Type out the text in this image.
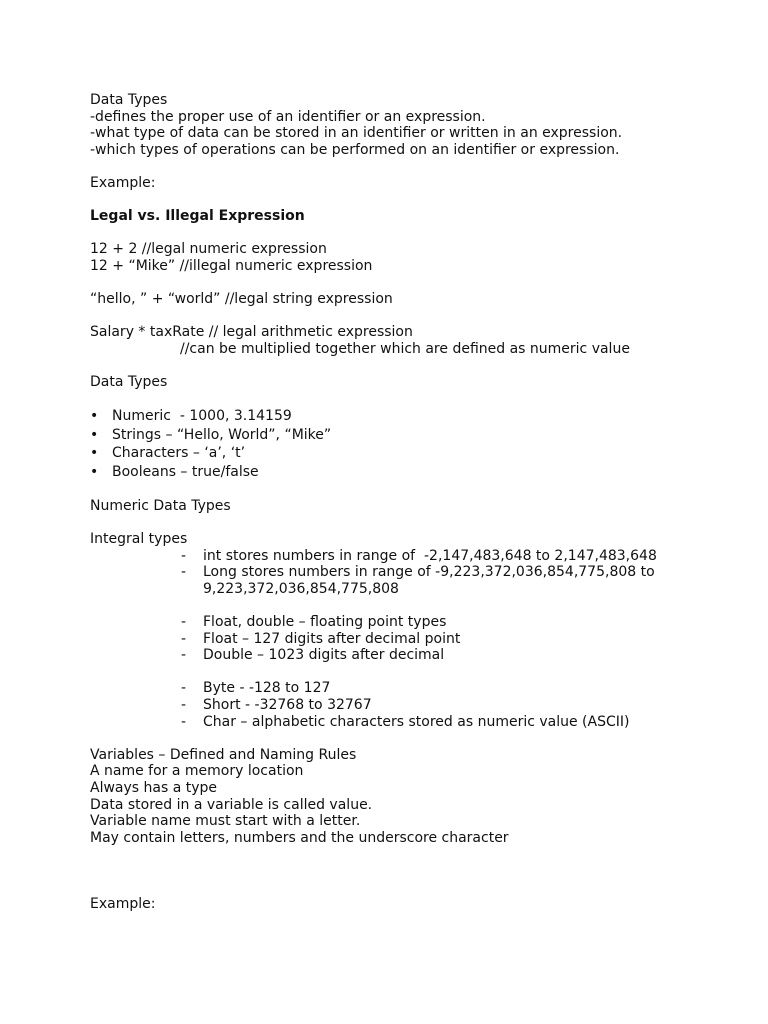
Data Types
-defines the proper use of an identifier or an expression.
-what type of data can be stored in an identifier or written in an expression.
-which types of operations can be performed on an identifier or expression.
Example:
Legal vs. Illegal Expression
12 + 2 //legal numeric expression
12 + “Mike” //illegal numeric expression
“hello, ” + “world” //legal string expression
Salary * taxRate // legal arithmetic expression
//can be multiplied together which are defined as numeric value
Data Types
• Numeric  - 1000, 3.14159
• Strings – “Hello, World”, “Mike”
• Characters – ‘a’, ‘t’
• Booleans – true/false
Numeric Data Types
Integral types
- int stores numbers in range of  -2,147,483,648 to 2,147,483,648
- Long stores numbers in range of -9,223,372,036,854,775,808 to
9,223,372,036,854,775,808
- Float, double – floating point types
- Float – 127 digits after decimal point
- Double – 1023 digits after decimal
- Byte - -128 to 127
- Short - -32768 to 32767
- Char – alphabetic characters stored as numeric value (ASCII)
Variables – Defined and Naming Rules
A name for a memory location
Always has a type
Data stored in a variable is called value.
Variable name must start with a letter.
May contain letters, numbers and the underscore character
Example:
